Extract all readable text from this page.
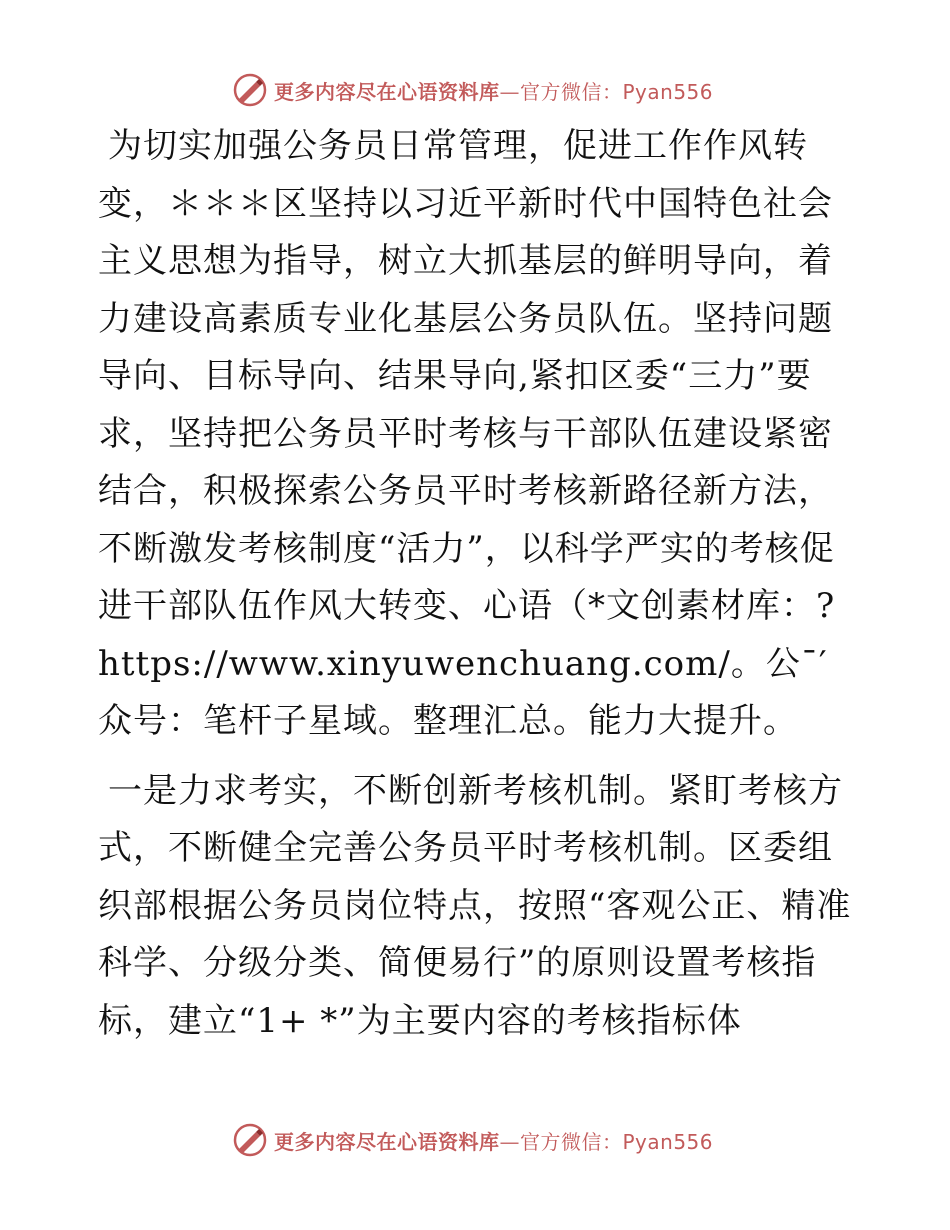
更多内容尽在心语资料库—官方微信：Pyan556

为切实加强公务员日常管理，促进工作作风转变，＊＊＊区坚持以习近平新时代中国特色社会主义思想为指导，树立大抓基层的鲜明导向，着力建设高素质专业化基层公务员队伍。坚持问题导向、目标导向、结果导向,紧扣区委“三力”要求，坚持把公务员平时考核与干部队伍建设紧密结合，积极探索公务员平时考核新路径新方法，不断激发考核制度“活力”，以科学严实的考核促进干部队伍作风大转变、心语（*文创素材库：?https://www.xinyuwenchuang.com/。公¯′众号：笔杆子星域。整理汇总。能力大提升。

一是力求考实，不断创新考核机制。紧盯考核方式，不断健全完善公务员平时考核机制。区委组织部根据公务员岗位特点，按照“客观公正、精准科学、分级分类、简便易行”的原则设置考核指标，建立“1+ *”为主要内容的考核指标体

更多内容尽在心语资料库—官方微信：Pyan556
